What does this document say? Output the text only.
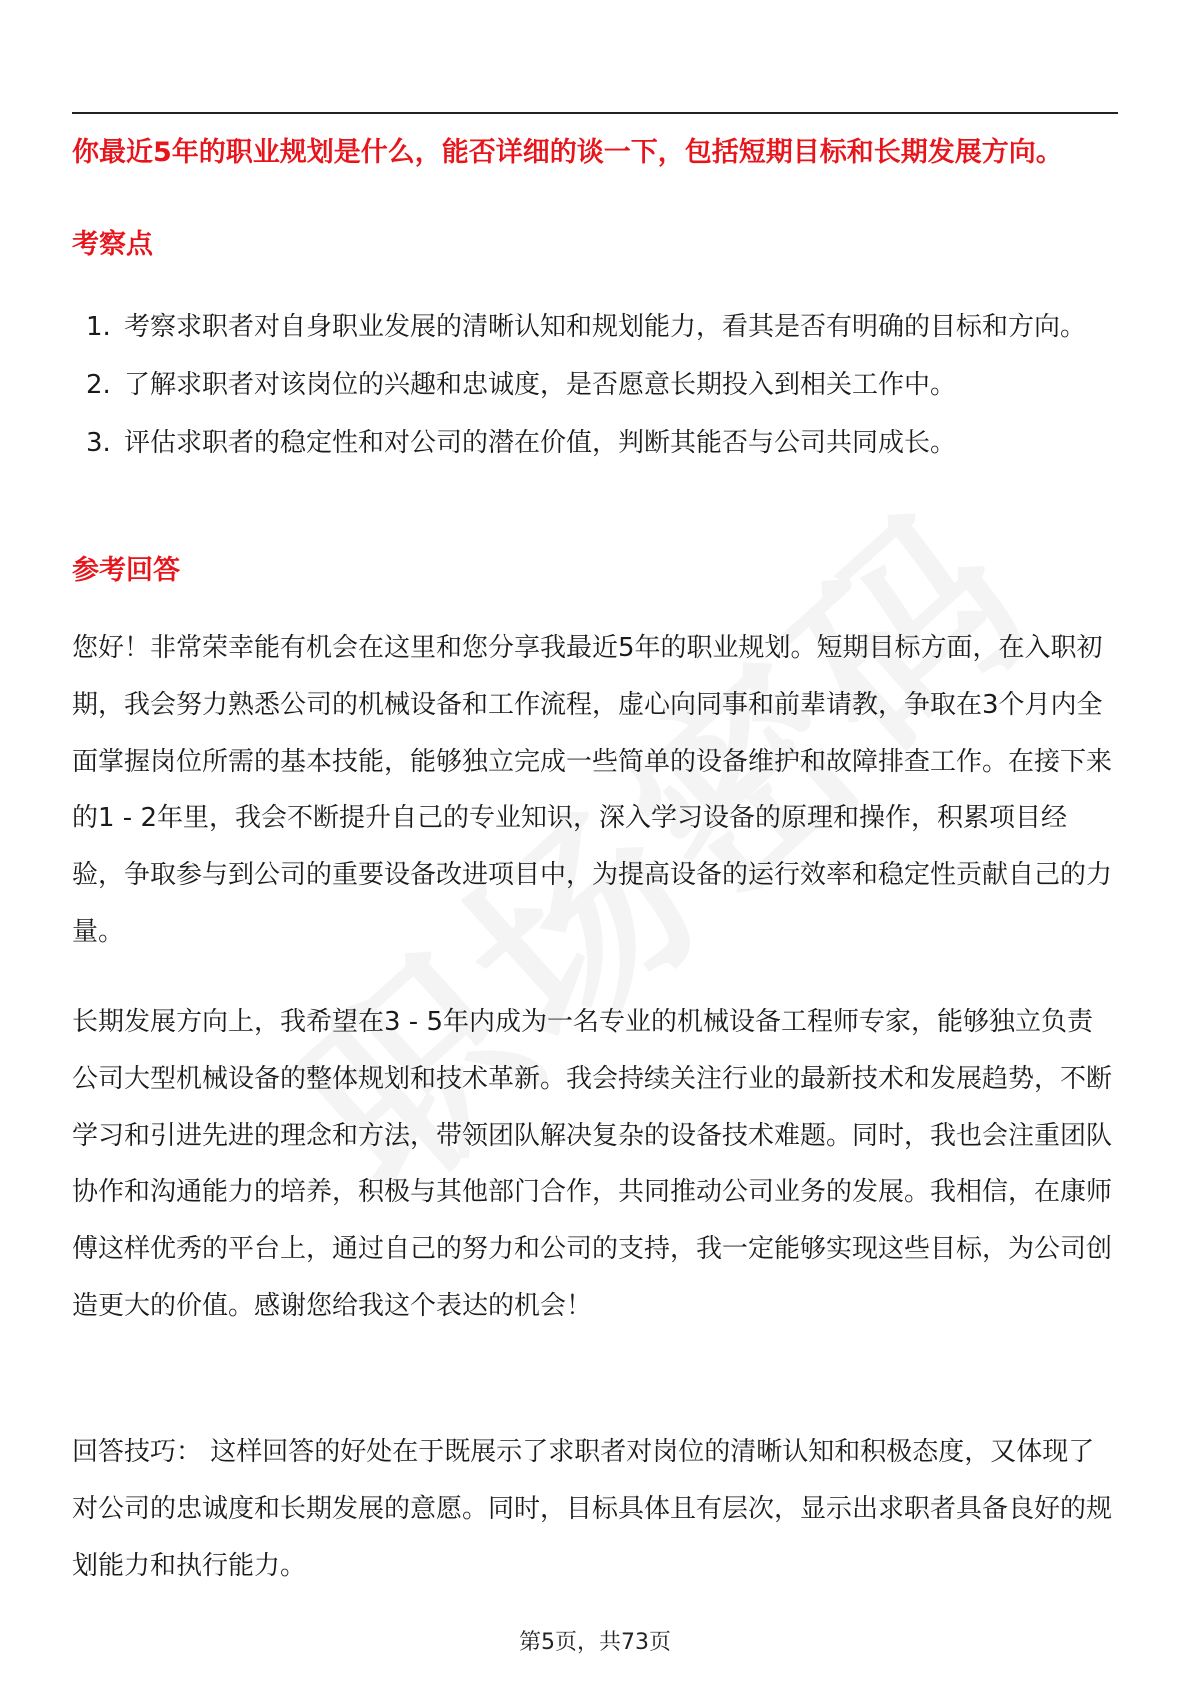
你最近5年的职业规划是什么，能否详细的谈一下，包括短期目标和长期发展方向。
考察点
1. 考察求职者对自身职业发展的清晰认知和规划能力，看其是否有明确的目标和方向。
2. 了解求职者对该岗位的兴趣和忠诚度，是否愿意长期投入到相关工作中。
3. 评估求职者的稳定性和对公司的潜在价值，判断其能否与公司共同成长。
参考回答

您好！非常荣幸能有机会在这里和您分享我最近5年的职业规划。短期目标方面，在入职初期，我会努力熟悉公司的机械设备和工作流程，虚心向同事和前辈请教，争取在3个月内全面掌握岗位所需的基本技能，能够独立完成一些简单的设备维护和故障排查工作。在接下来的1 - 2年里，我会不断提升自己的专业知识，深入学习设备的原理和操作，积累项目经验，争取参与到公司的重要设备改进项目中，为提高设备的运行效率和稳定性贡献自己的力量。

长期发展方向上，我希望在3 - 5年内成为一名专业的机械设备工程师专家，能够独立负责公司大型机械设备的整体规划和技术革新。我会持续关注行业的最新技术和发展趋势，不断学习和引进先进的理念和方法，带领团队解决复杂的设备技术难题。同时，我也会注重团队协作和沟通能力的培养，积极与其他部门合作，共同推动公司业务的发展。我相信，在康师傅这样优秀的平台上，通过自己的努力和公司的支持，我一定能够实现这些目标，为公司创造更大的价值。感谢您给我这个表达的机会！

回答技巧： 这样回答的好处在于既展示了求职者对岗位的清晰认知和积极态度，又体现了对公司的忠诚度和长期发展的意愿。同时，目标具体且有层次，显示出求职者具备良好的规划能力和执行能力。

第5页，共73页
